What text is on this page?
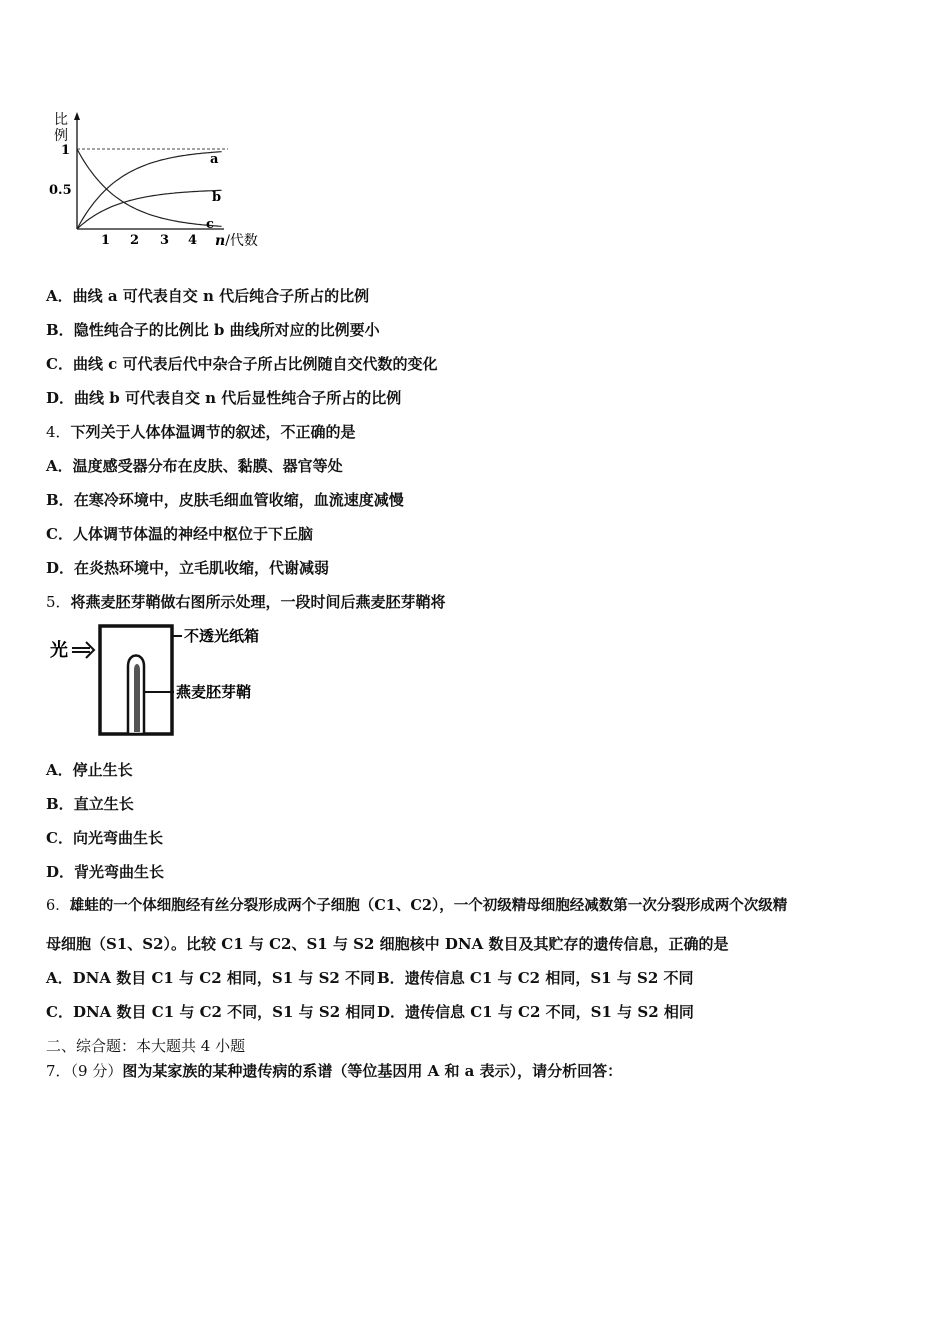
比
例
1
0.5
a
b
c
1 2 3 4 n/代数
A．曲线 a 可代表自交 n 代后纯合子所占的比例
B．隐性纯合子的比例比 b 曲线所对应的比例要小
C．曲线 c 可代表后代中杂合子所占比例随自交代数的变化
D．曲线 b 可代表自交 n 代后显性纯合子所占的比例
4．下列关于人体体温调节的叙述，不正确的是
A．温度感受器分布在皮肤、黏膜、器官等处
B．在寒冷环境中，皮肤毛细血管收缩，血流速度减慢
C．人体调节体温的神经中枢位于下丘脑
D．在炎热环境中，立毛肌收缩，代谢减弱
5．将燕麦胚芽鞘做右图所示处理，一段时间后燕麦胚芽鞘将
光
不透光纸箱
燕麦胚芽鞘
A．停止生长
B．直立生长
C．向光弯曲生长
D．背光弯曲生长
6．雄蛙的一个体细胞经有丝分裂形成两个子细胞（C1、C2），一个初级精母细胞经减数第一次分裂形成两个次级精
母细胞（S1、S2）。比较 C1 与 C2、S1 与 S2 细胞核中 DNA 数目及其贮存的遗传信息，正确的是
A．DNA 数目 C1 与 C2 相同，S1 与 S2 不同 B．遗传信息 C1 与 C2 相同，S1 与 S2 不同
C．DNA 数目 C1 与 C2 不同，S1 与 S2 相同 D．遗传信息 C1 与 C2 不同，S1 与 S2 相同
二、综合题：本大题共 4 小题
7．（9 分）图为某家族的某种遗传病的系谱（等位基因用 A 和 a 表示），请分析回答：
